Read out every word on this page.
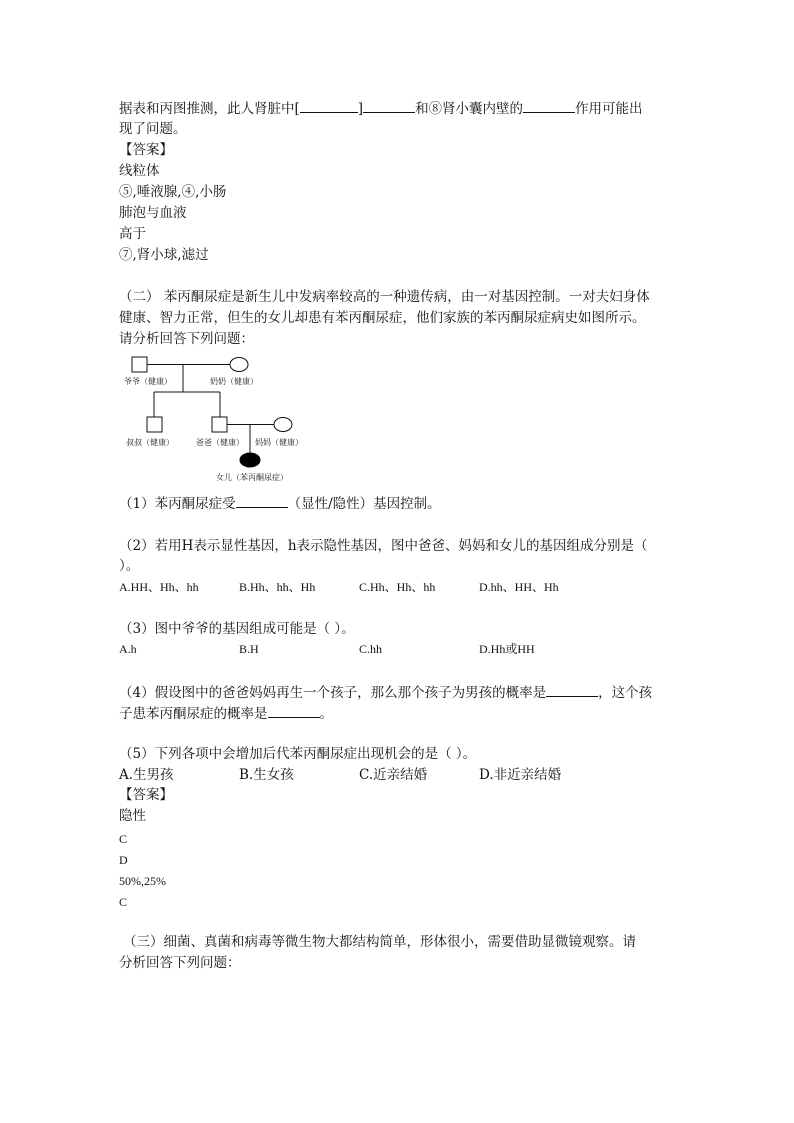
据表和丙图推测，此人肾脏中[	]	和⑧肾小囊内壁的	作用可能出
现了问题。
【答案】
线粒体
⑤,唾液腺,④,小肠
肺泡与血液
高于
⑦,肾小球,滤过
（二） 苯丙酮尿症是新生儿中发病率较高的一种遗传病，由一对基因控制。一对夫妇身体
健康、智力正常，但生的女儿却患有苯丙酮尿症，他们家族的苯丙酮尿症病史如图所示。
请分析回答下列问题：
爷爷（健康）	奶奶（健康）
叔叔（健康）	爸爸（健康） 妈妈（健康）
女儿（苯丙酮尿症）
（1）苯丙酮尿症受	（显性/隐性）基因控制。
（2）若用H表示显性基因，h表示隐性基因，图中爸爸、妈妈和女儿的基因组成分别是（
）。
A.HH、Hh、hh	B.Hh、hh、Hh	C.Hh、Hh、hh	D.hh、HH、Hh
（3）图中爷爷的基因组成可能是（ ）。
A.h	B.H	C.hh	D.Hh或HH
（4）假设图中的爸爸妈妈再生一个孩子，那么那个孩子为男孩的概率是	，这个孩
子患苯丙酮尿症的概率是	。
（5）下列各项中会增加后代苯丙酮尿症出现机会的是（ ）。
A.生男孩	B.生女孩	C.近亲结婚	D.非近亲结婚
【答案】
隐性
C
D
50%,25%
C
（三）细菌、真菌和病毒等微生物大都结构简单，形体很小，需要借助显微镜观察。请
分析回答下列问题：
